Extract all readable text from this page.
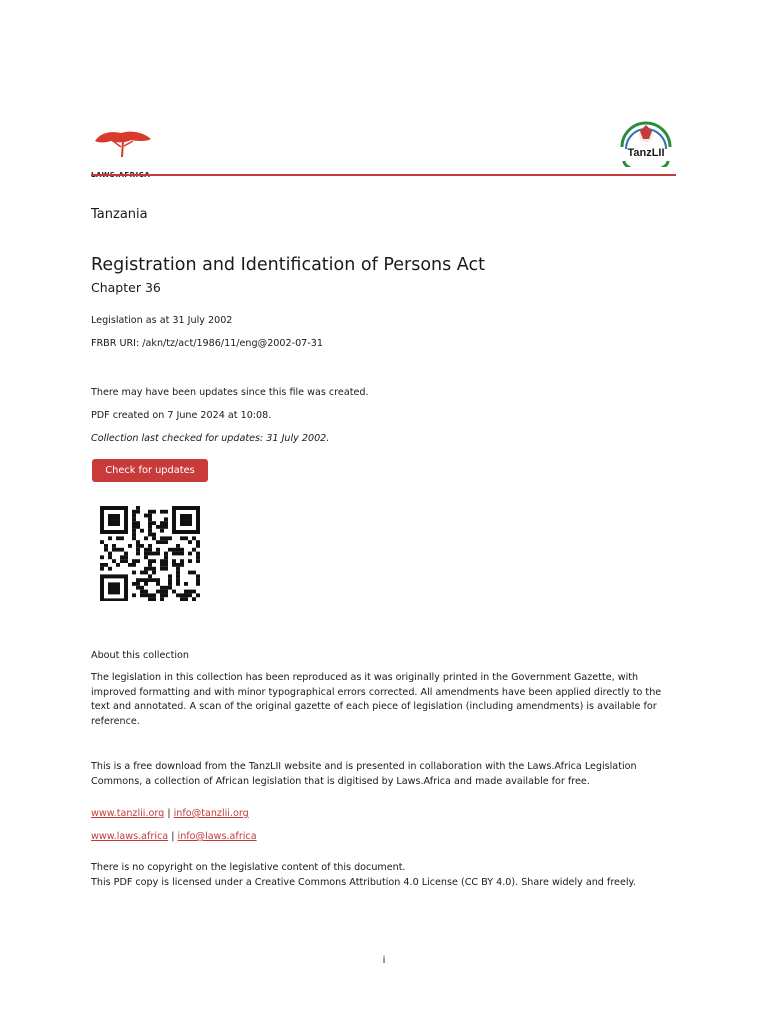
TanzLII
Tanzania
Registration and Identification of Persons Act
Chapter 36
Legislation as at 31 July 2002
FRBR URI: /akn/tz/act/1986/11/eng@2002-07-31
There may have been updates since this file was created.
PDF created on 7 June 2024 at 10:08.
Collection last checked for updates: 31 July 2002.
Check for updates
About this collection
The legislation in this collection has been reproduced as it was originally printed in the Government Gazette, with improved formatting and with minor typographical errors corrected. All amendments have been applied directly to the text and annotated. A scan of the original gazette of each piece of legislation (including amendments) is available for reference.
This is a free download from the TanzLII website and is presented in collaboration with the Laws.Africa Legislation Commons, a collection of African legislation that is digitised by Laws.Africa and made available for free.
www.tanzlii.org | info@tanzlii.org
www.laws.africa | info@laws.africa
There is no copyright on the legislative content of this document.
This PDF copy is licensed under a Creative Commons Attribution 4.0 License (CC BY 4.0). Share widely and freely.
i
